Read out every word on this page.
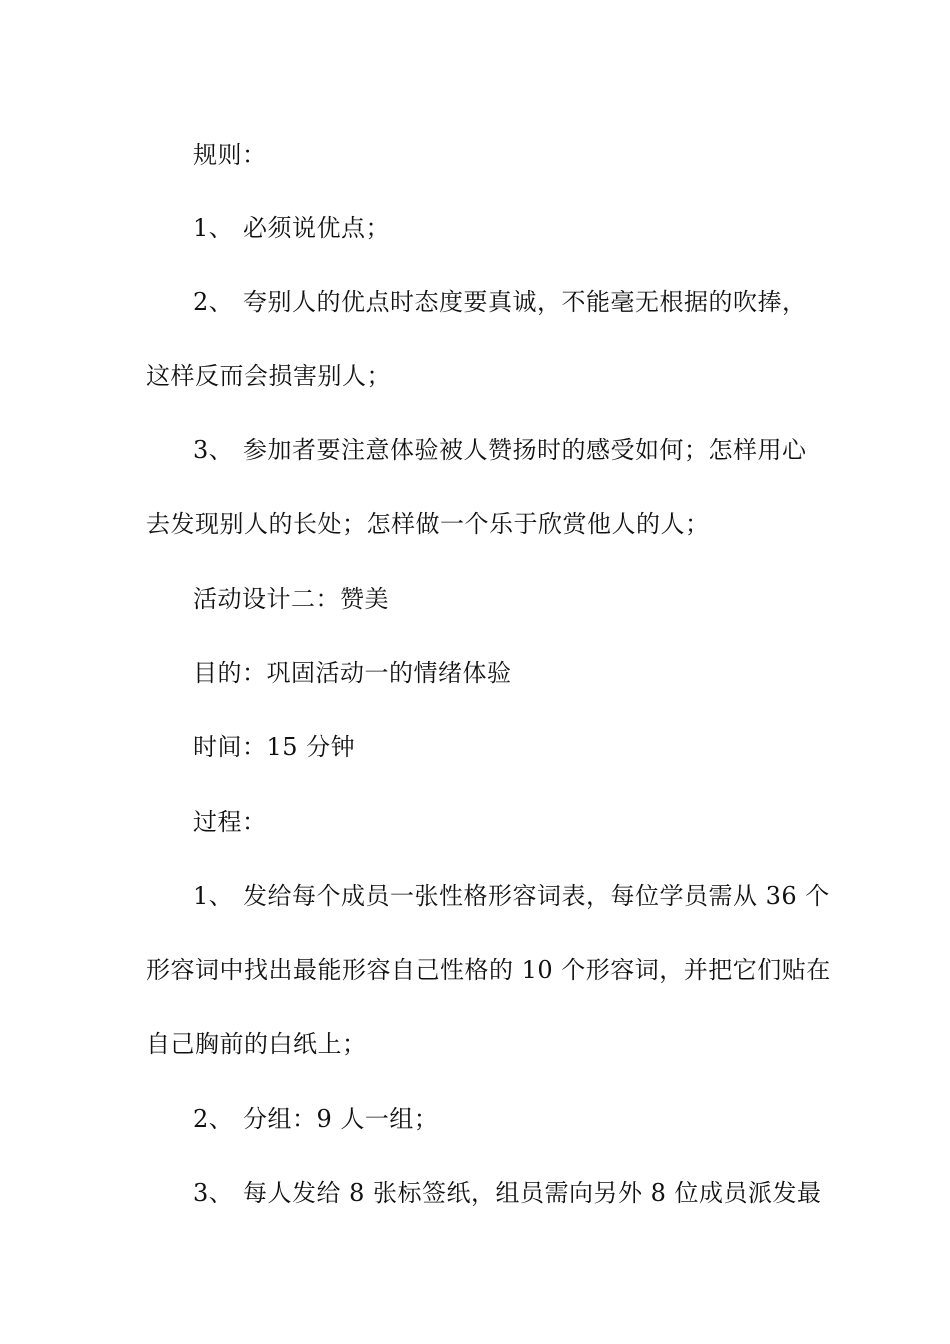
规则：
1、 必须说优点；
2、 夸别人的优点时态度要真诚，不能毫无根据的吹捧，
这样反而会损害别人；
3、 参加者要注意体验被人赞扬时的感受如何；怎样用心
去发现别人的长处；怎样做一个乐于欣赏他人的人；
活动设计二：赞美
目的：巩固活动一的情绪体验
时间：15 分钟
过程：
1、 发给每个成员一张性格形容词表，每位学员需从 36 个
形容词中找出最能形容自己性格的 10 个形容词，并把它们贴在
自己胸前的白纸上；
2、 分组：9 人一组；
3、 每人发给 8 张标签纸，组员需向另外 8 位成员派发最
